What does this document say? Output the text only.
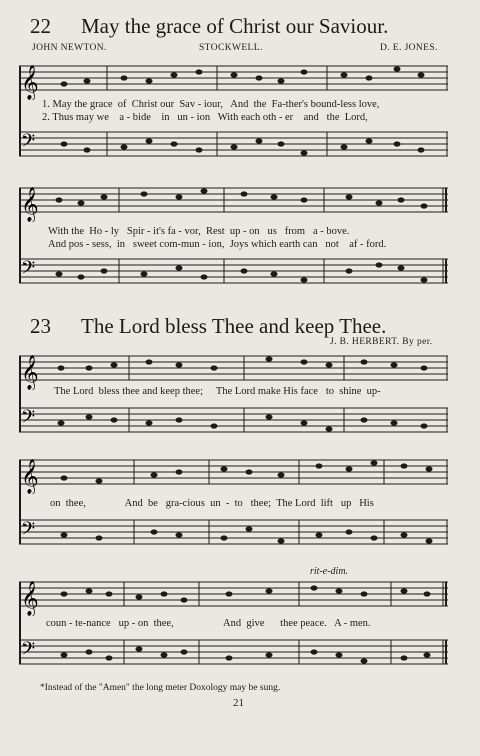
22 May the grace of Christ our Saviour.
JOHN NEWTON.	STOCKWELL.	D. E. JONES.
𝄞
1. May the grace  of  Christ our  Sav - iour,   And  the  Fa-ther's bound-less love,
2. Thus may we    a - bide    in   un - ion   With each oth - er    and   the  Lord,
𝄢
𝄞
With the  Ho - ly   Spir - it's fa - vor,  Rest  up - on   us   from   a - bove.
And pos - sess,  in   sweet com-mun - ion,  Joys which earth can   not    af - ford.
𝄢
23 The Lord bless Thee and keep Thee.
J. B. HERBERT. By per.
𝄞
The Lord  bless thee and keep thee;     The Lord make His face   to  shine  up-
𝄢
𝄞
on  thee,               And  be   gra-cious  un  -  to   thee;  The Lord  lift   up   His
𝄢
rit-e-dim.
𝄞
coun - te-nance   up - on  thee,                   And  give      thee peace.   A - men.
𝄢
*Instead of the "Amen" the long meter Doxology may be sung.
21
